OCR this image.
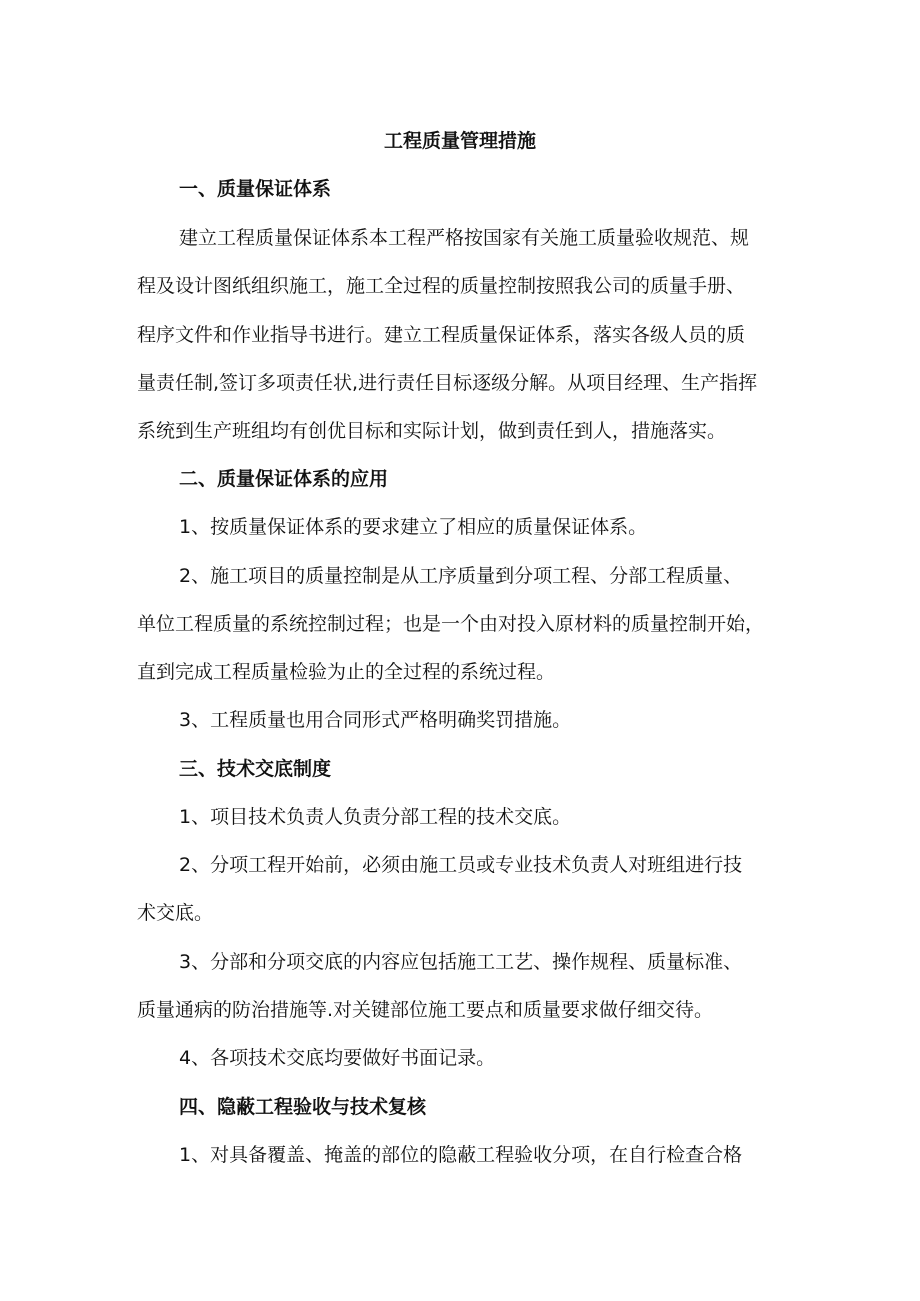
工程质量管理措施
一、质量保证体系
建立工程质量保证体系本工程严格按国家有关施工质量验收规范、规
程及设计图纸组织施工，施工全过程的质量控制按照我公司的质量手册、
程序文件和作业指导书进行。建立工程质量保证体系，落实各级人员的质
量责任制,签订多项责任状,进行责任目标逐级分解。从项目经理、生产指挥
系统到生产班组均有创优目标和实际计划，做到责任到人，措施落实。
二、质量保证体系的应用
1、按质量保证体系的要求建立了相应的质量保证体系。
2、施工项目的质量控制是从工序质量到分项工程、分部工程质量、
单位工程质量的系统控制过程；也是一个由对投入原材料的质量控制开始，
直到完成工程质量检验为止的全过程的系统过程。
3、工程质量也用合同形式严格明确奖罚措施。
三、技术交底制度
1、项目技术负责人负责分部工程的技术交底。
2、分项工程开始前，必须由施工员或专业技术负责人对班组进行技
术交底。
3、分部和分项交底的内容应包括施工工艺、操作规程、质量标准、
质量通病的防治措施等.对关键部位施工要点和质量要求做仔细交待。
4、各项技术交底均要做好书面记录。
四、隐蔽工程验收与技术复核
1、对具备覆盖、掩盖的部位的隐蔽工程验收分项，在自行检查合格
